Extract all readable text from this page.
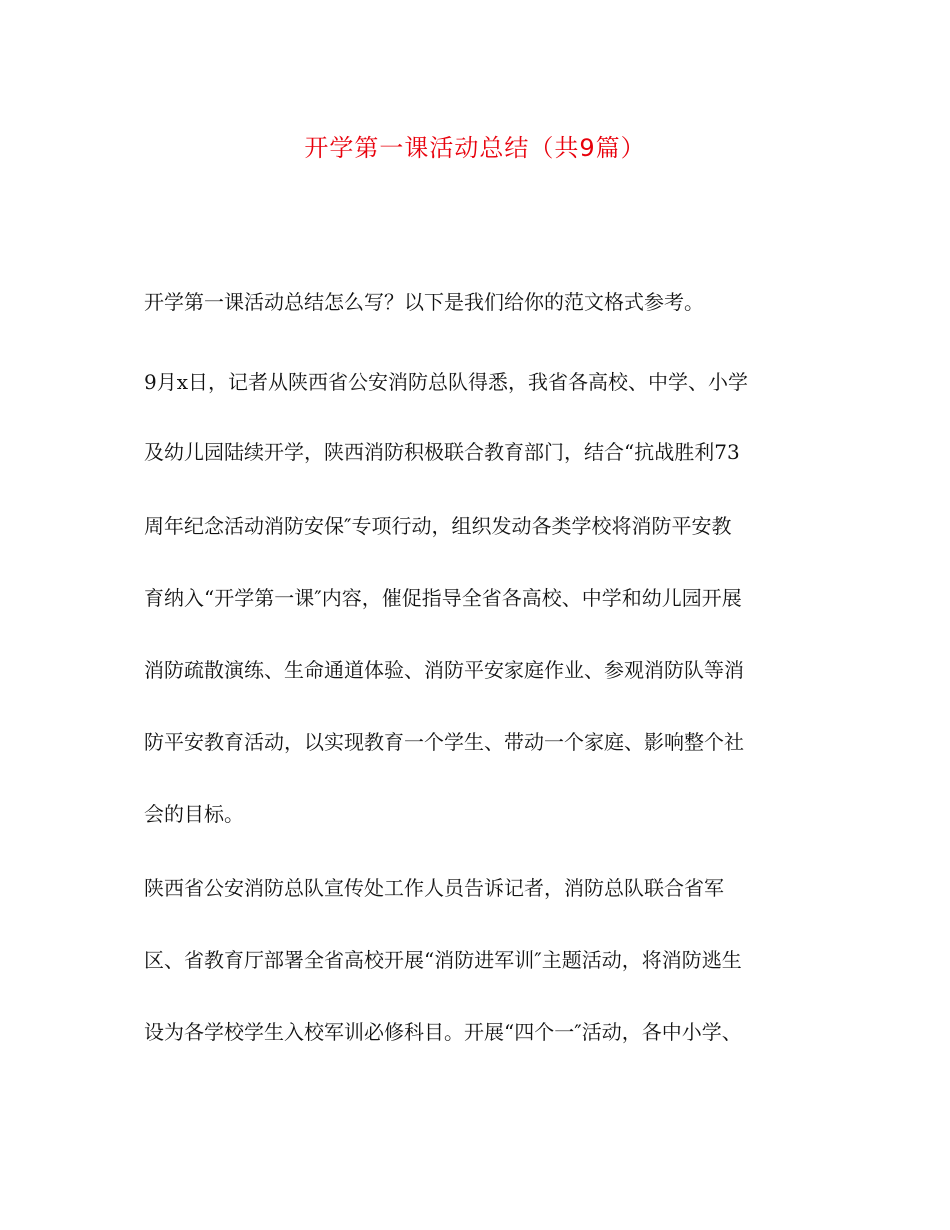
开学第一课活动总结（共9篇）
开学第一课活动总结怎么写？以下是我们给你的范文格式参考。
9月x日，记者从陕西省公安消防总队得悉，我省各高校、中学、小学
及幼儿园陆续开学，陕西消防积极联合教育部门，结合“抗战胜利73
周年纪念活动消防安保″专项行动，组织发动各类学校将消防平安教
育纳入“开学第一课″内容，催促指导全省各高校、中学和幼儿园开展
消防疏散演练、生命通道体验、消防平安家庭作业、参观消防队等消
防平安教育活动，以实现教育一个学生、带动一个家庭、影响整个社
会的目标。
陕西省公安消防总队宣传处工作人员告诉记者，消防总队联合省军
区、省教育厅部署全省高校开展“消防进军训″主题活动，将消防逃生
设为各学校学生入校军训必修科目。开展“四个一″活动，各中小学、
